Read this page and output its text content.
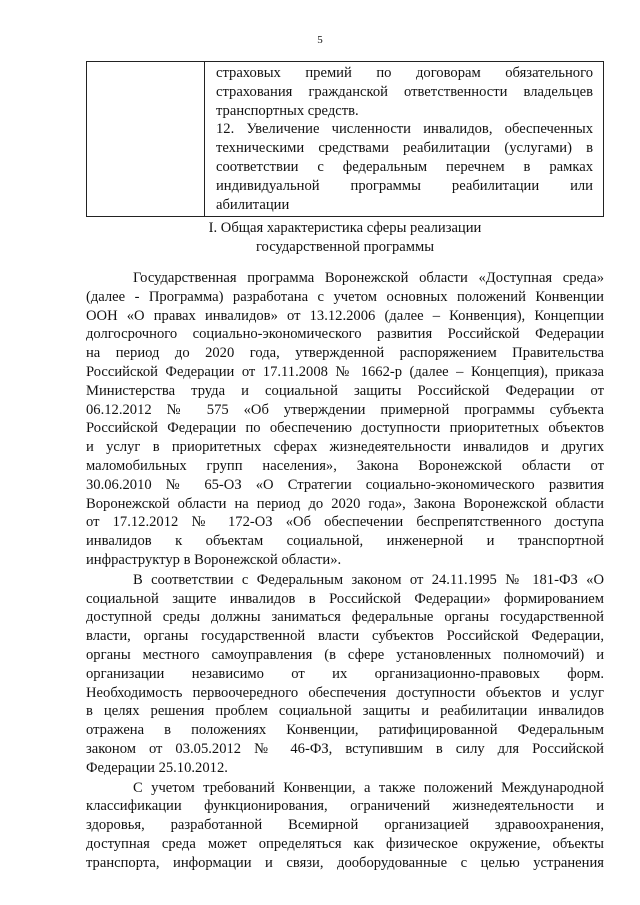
5

страховых премий по договорам обязательного

страхования гражданской ответственности владельцев

транспортных средств.

12. Увеличение численности инвалидов, обеспеченных

техническими средствами реабилитации (услугами) в

соответствии с федеральным перечнем в рамках

индивидуальной программы реабилитации или

абилитации

I. Общая характеристика сферы реализации
государственной программы

Государственная программа Воронежской области «Доступная среда»
(далее - Программа) разработана с учетом основных положений Конвенции
ООН «О правах инвалидов» от 13.12.2006 (далее – Конвенция), Концепции
долгосрочного социально-экономического развития Российской Федерации
на период до 2020 года, утвержденной распоряжением Правительства
Российской Федерации от 17.11.2008 № 1662-р (далее – Концепция), приказа
Министерства труда и социальной защиты Российской Федерации от
06.12.2012 № 575 «Об утверждении примерной программы субъекта
Российской Федерации по обеспечению доступности приоритетных объектов
и услуг в приоритетных сферах жизнедеятельности инвалидов и других
маломобильных групп населения», Закона Воронежской области от
30.06.2010 № 65-ОЗ «О Стратегии социально-экономического развития
Воронежской области на период до 2020 года», Закона Воронежской области
от 17.12.2012 № 172-ОЗ «Об обеспечении беспрепятственного доступа
инвалидов к объектам социальной, инженерной и транспортной
инфраструктур в Воронежской области».

В соответствии с Федеральным законом от 24.11.1995 № 181-ФЗ «О
социальной защите инвалидов в Российской Федерации» формированием
доступной среды должны заниматься федеральные органы государственной
власти, органы государственной власти субъектов Российской Федерации,
органы местного самоуправления (в сфере установленных полномочий) и
организации независимо от их организационно-правовых форм.
Необходимость первоочередного обеспечения доступности объектов и услуг
в целях решения проблем социальной защиты и реабилитации инвалидов
отражена в положениях Конвенции, ратифицированной Федеральным
законом от 03.05.2012 № 46-ФЗ, вступившим в силу для Российской
Федерации 25.10.2012.

С учетом требований Конвенции, а также положений Международной
классификации функционирования, ограничений жизнедеятельности и
здоровья, разработанной Всемирной организацией здравоохранения,
доступная среда может определяться как физическое окружение, объекты
транспорта, информации и связи, дооборудованные с целью устранения
